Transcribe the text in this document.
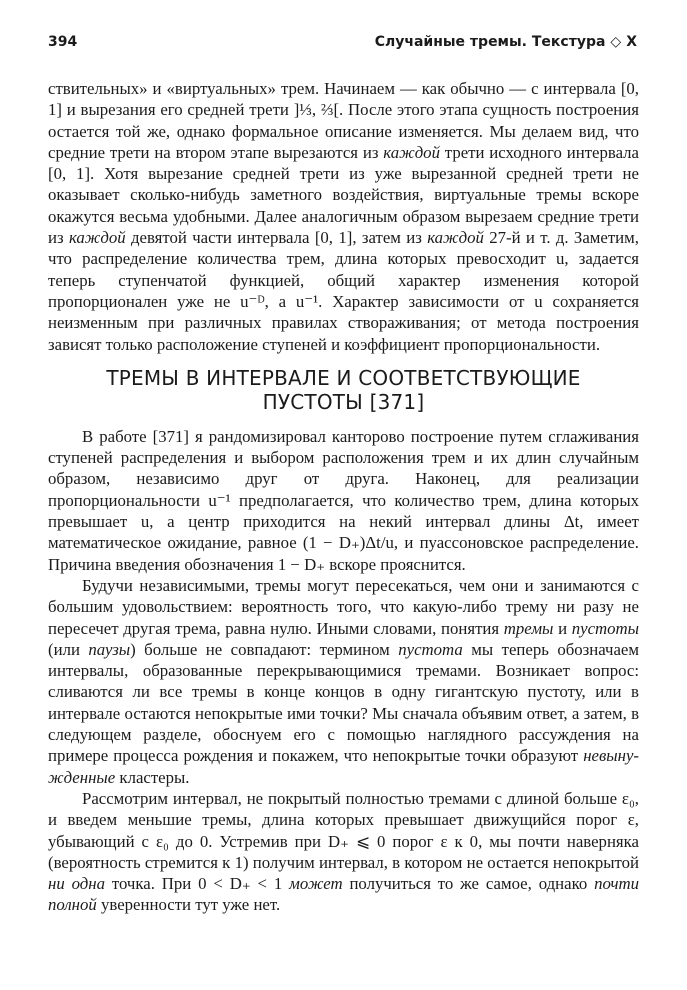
394	Случайные тремы. Текстура ◇ X

ствительных» и «виртуальных» трем. Начинаем — как обычно — с интервала [0, 1] и вырезания его средней трети ]⅓, ⅔[. После этого этапа сущность построения остается той же, однако формальное описание изменяется. Мы делаем вид, что средние трети на втором этапе вырезаются из каждой трети исходного интервала [0, 1]. Хотя вырезание средней трети из уже вырезанной средней трети не оказывает сколько-нибудь заметного воздействия, виртуальные тремы вскоре окажутся весьма удобными. Далее аналогичным образом вырезаем средние трети из каждой девятой части интервала [0, 1], затем из каждой 27-й и т. д. Заметим, что распределение количества трем, длина которых превосходит u, задается теперь ступенчатой функцией, общий характер изменения которой пропорционален уже не u⁻ᴰ, а u⁻¹. Характер зависимости от u сохраняется неизменным при различных правилах створаживания; от метода построения зависят только расположение ступеней и коэффициент пропорциональности.

ТРЕМЫ В ИНТЕРВАЛЕ И СООТВЕТСТВУЮЩИЕ
ПУСТОТЫ [371]

В работе [371] я рандомизировал канторово построение путем сглаживания ступеней распределения и выбором расположения трем и их длин случайным образом, независимо друг от друга. Наконец, для реализации пропорциональности u⁻¹ предполагается, что количество трем, длина которых превышает u, а центр приходится на некий интервал длины Δt, имеет математическое ожидание, равное (1 − D₊)Δt/u, и пуассоновское распределение. Причина введения обозначения 1 − D₊ вскоре прояснится.

Будучи независимыми, тремы могут пересекаться, чем они и занимаются с большим удовольствием: вероятность того, что какую-либо трему ни разу не пересечет другая трема, равна нулю. Иными словами, понятия тремы и пустоты (или паузы) больше не совпадают: термином пустота мы теперь обозначаем интервалы, образованные перекрывающимися тремами. Возникает вопрос: сливаются ли все тремы в конце концов в одну гигантскую пустоту, или в интервале остаются непокрытые ими точки? Мы сначала объявим ответ, а затем, в следующем разделе, обоснуем его с помощью наглядного рассуждения на примере процесса рождения и покажем, что непокрытые точки образуют невынужденные кластеры.

Рассмотрим интервал, не покрытый полностью тремами с длиной больше ε₀, и введем меньшие тремы, длина которых превышает движущийся порог ε, убывающий с ε₀ до 0. Устремив при D₊ ⩽ 0 порог ε к 0, мы почти наверняка (вероятность стремится к 1) получим интервал, в котором не остается непокрытой ни одна точка. При 0 < D₊ < 1 может получиться то же самое, однако почти полной уверенности тут уже нет.
